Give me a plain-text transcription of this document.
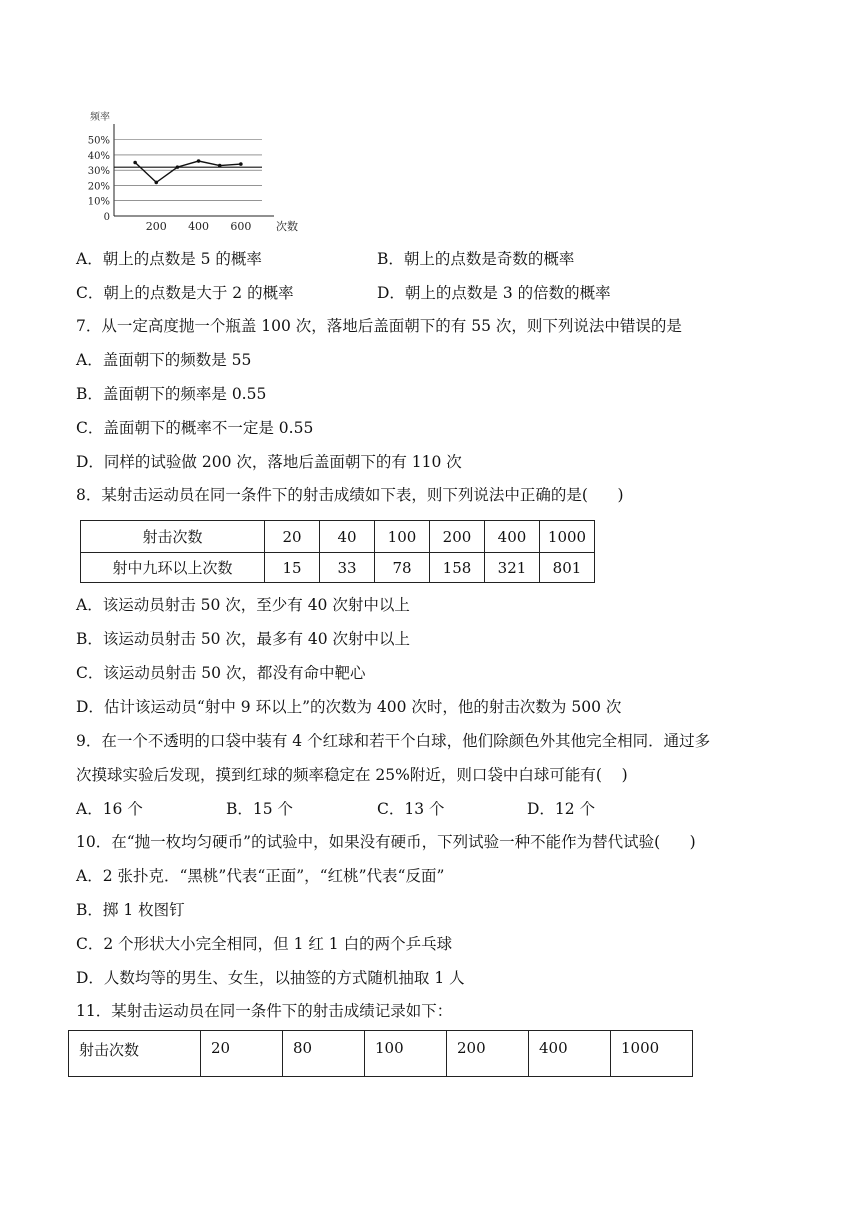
频率
50%
40%
30%
20%
10%
0
200 400 600 次数
A．朝上的点数是 5 的概率	B．朝上的点数是奇数的概率
C．朝上的点数是大于 2 的概率	D．朝上的点数是 3 的倍数的概率
7．从一定高度抛一个瓶盖 100 次，落地后盖面朝下的有 55 次，则下列说法中错误的是
A．盖面朝下的频数是 55
B．盖面朝下的频率是 0.55
C．盖面朝下的概率不一定是 0.55
D．同样的试验做 200 次，落地后盖面朝下的有 110 次
8．某射击运动员在同一条件下的射击成绩如下表，则下列说法中正确的是(      )
射击次数	20	40	100	200	400	1000
射中九环以上次数	15	33	78	158	321	801
A．该运动员射击 50 次，至少有 40 次射中以上
B．该运动员射击 50 次，最多有 40 次射中以上
C．该运动员射击 50 次，都没有命中靶心
D．估计该运动员“射中 9 环以上”的次数为 400 次时，他的射击次数为 500 次
9．在一个不透明的口袋中装有 4 个红球和若干个白球，他们除颜色外其他完全相同．通过多
次摸球实验后发现，摸到红球的频率稳定在 25%附近，则口袋中白球可能有(    )
A．16 个	B．15 个	C．13 个	D．12 个
10．在“抛一枚均匀硬币”的试验中，如果没有硬币，下列试验一种不能作为替代试验(      )
A．2 张扑克．“黑桃”代表“正面”，“红桃”代表“反面”
B．掷 1 枚图钉
C．2 个形状大小完全相同，但 1 红 1 白的两个乒乓球
D．人数均等的男生、女生，以抽签的方式随机抽取 1 人
11．某射击运动员在同一条件下的射击成绩记录如下：
射击次数	20	80	100	200	400	1000
